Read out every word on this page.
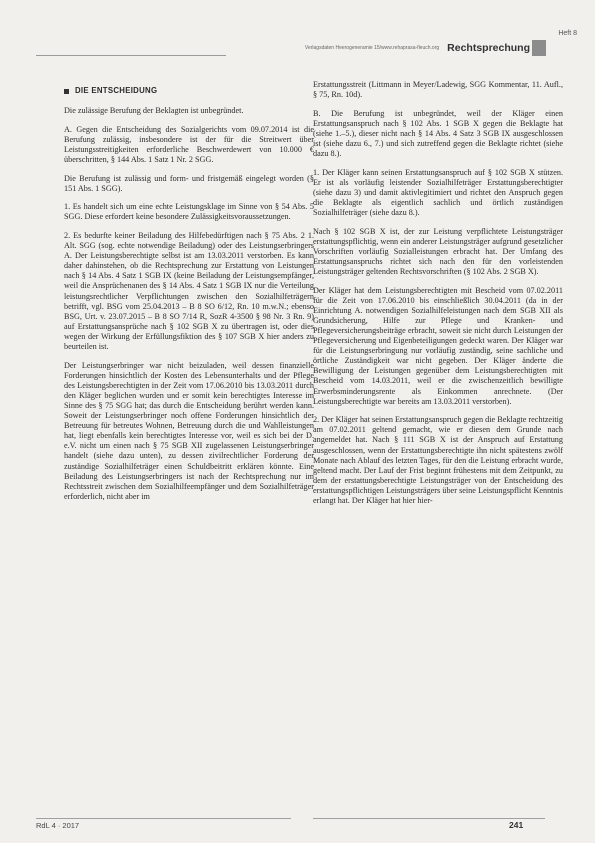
Heft 8
Verlagsdaten Heerogeneramie 15/www.rehaprasa-fleuch.org Rechtsprechung
DIE ENTSCHEIDUNG

Die zulässige Berufung der Beklagten ist unbegründet.

A. Gegen die Entscheidung des Sozialgerichts vom 09.07.2014 ist die Berufung zulässig, insbesondere ist der für die Streitwert über Leistungsstreitigkeiten erforderliche Beschwerdewert von 10.000 € überschritten, § 144 Abs. 1 Satz 1 Nr. 2 SGG.

Die Berufung ist zulässig und form- und fristgemäß eingelegt worden (§ 151 Abs. 1 SGG).

1. Es handelt sich um eine echte Leistungsklage im Sinne von § 54 Abs. 5 SGG. Diese erfordert keine besondere Zulässigkeitsvoraussetzungen.

2. Es bedurfte keiner Beiladung des Hilfebedürftigen nach § 75 Abs. 2 1. Alt. SGG (sog. echte notwendige Beiladung) oder des Leistungserbringers A. Der Leistungsberechtigte selbst ist am 13.03.2011 verstorben. Es kann daher dahinstehen, ob die Rechtsprechung zur Erstattung von Leistungen nach § 14 Abs. 4 Satz 1 SGB IX (keine Beiladung der Leistungsempfänger, weil die Ansprüchenanen des § 14 Abs. 4 Satz 1 SGB IX nur die Verteilung leistungsrechtlicher Verpflichtungen zwischen den Sozialhilfeträgern betrifft, vgl. BSG vom 25.04.2013 – B 8 SO 6/12, Rn. 10 m.w.N.; ebenso BSG, Urt. v. 23.07.2015 – B 8 SO 7/14 R, SozR 4-3500 § 98 Nr. 3 Rn. 9) auf Erstattungsansprüche nach § 102 SGB X zu übertragen ist, oder dies wegen der Wirkung der Erfüllungsfiktion des § 107 SGB X hier anders zu beurteilen ist.

Der Leistungserbringer war nicht beizuladen, weil dessen finanzielle Forderungen hinsichtlich der Kosten des Lebensunterhalts und der Pflege des Leistungsberechtigten in der Zeit vom 17.06.2010 bis 13.03.2011 durch den Kläger beglichen wurden und er somit kein berechtigtes Interesse im Sinne des § 75 SGG hat; das durch die Entscheidung berührt werden kann. Soweit der Leistungserbringer noch offene Forderungen hinsichtlich der Betreuung für betreutes Wohnen, Betreuung durch die und Wahlleistungen hat, liegt ebenfalls kein berechtigtes Interesse vor, weil es sich bei der D. e.V. nicht um einen nach § 75 SGB XII zugelassenen Leistungserbringer handelt (siehe dazu unten), zu dessen zivilrechtlicher Forderung der zuständige Sozialhilfeträger einen Schuldbeitritt erklären könnte. Eine Beiladung des Leistungserbringers ist nach der Rechtsprechung nur im Rechtsstreit zwischen dem Sozialhilfeempfänger und dem Sozialhilfeträger erforderlich, nicht aber im

Erstattungsstreit (Littmann in Meyer/Ladewig, SGG Kommentar, 11. Aufl., § 75, Rn. 10d).

B. Die Berufung ist unbegründet, weil der Kläger einen Erstattungsanspruch nach § 102 Abs. 1 SGB X gegen die Beklagte hat (siehe 1.–5.), dieser nicht nach § 14 Abs. 4 Satz 3 SGB IX ausgeschlossen ist (siehe dazu 6., 7.) und sich zutreffend gegen die Beklagte richtet (siehe dazu 8.).

1. Der Kläger kann seinen Erstattungsanspruch auf § 102 SGB X stützen. Er ist als vorläufig leistender Sozialhilfeträger Erstattungsberechtigter (siehe dazu 3) und damit aktivlegitimiert und richtet den Anspruch gegen die Beklagte als eigentlich sachlich und örtlich zuständigen Sozialhilfeträger (siehe dazu 8.).

Nach § 102 SGB X ist, der zur Leistung verpflichtete Leistungsträger erstattungspflichtig, wenn ein anderer Leistungsträger aufgrund gesetzlicher Vorschriften vorläufig Sozialleistungen erbracht hat. Der Umfang des Erstattungsanspruchs richtet sich nach den für den vorleistenden Leistungsträger geltenden Rechtsvorschriften (§ 102 Abs. 2 SGB X).

Der Kläger hat dem Leistungsberechtigten mit Bescheid vom 07.02.2011 für die Zeit von 17.06.2010 bis einschließlich 30.04.2011 (da in der Einrichtung A. notwendigen Sozialhilfeleistungen nach dem SGB XII als Grundsicherung, Hilfe zur Pflege und Kranken- und Pflegeversicherungsbeiträge erbracht, soweit sie nicht durch Leistungen der Pflegeversicherung und Eigenbeteiligungen gedeckt waren. Der Kläger war für die Leistungserbringung nur vorläufig zuständig, seine sachliche und örtliche Zuständigkeit war nicht gegeben. Der Kläger änderte die Bewilligung der Leistungen gegenüber dem Leistungsberechtigten mit Bescheid vom 14.03.2011, weil er die zwischenzeitlich bewilligte Erwerbsminderungsrente als Einkommen anrechnete. (Der Leistungsberechtigte war bereits am 13.03.2011 verstorben).

2. Der Kläger hat seinen Erstattungsanspruch gegen die Beklagte rechtzeitig am 07.02.2011 geltend gemacht, wie er diesen dem Grunde nach angemeldet hat. Nach § 111 SGB X ist der Anspruch auf Erstattung ausgeschlossen, wenn der Erstattungsberechtigte ihn nicht spätestens zwölf Monate nach Ablauf des letzten Tages, für den die Leistung erbracht wurde, geltend macht. Der Lauf der Frist beginnt frühestens mit dem Zeitpunkt, zu dem der erstattungsberechtigte Leistungsträger von der Entscheidung des erstattungspflichtigen Leistungsträgers über seine Leistungspflicht Kenntnis erlangt hat. Der Kläger hat hier hier-

RdL 4 · 2017	241
